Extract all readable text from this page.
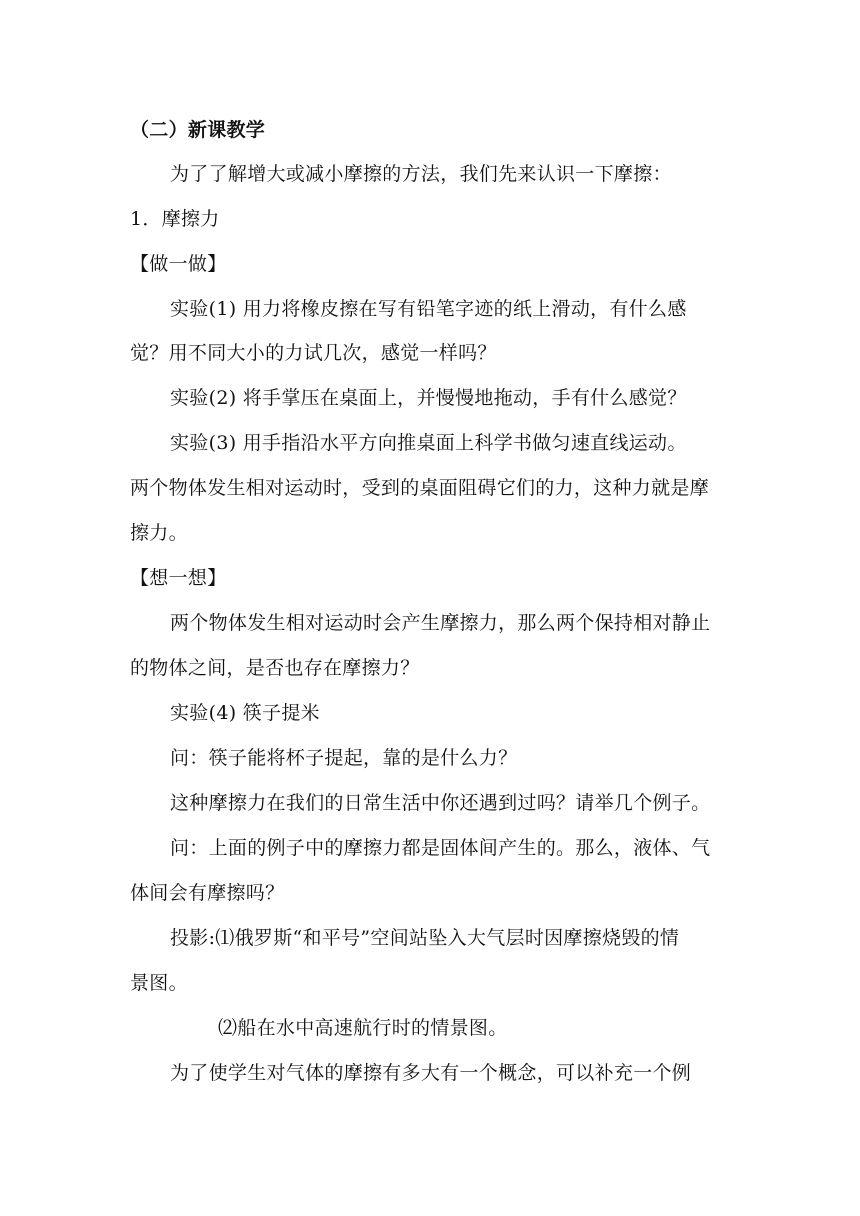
（二）新课教学
为了了解增大或减小摩擦的方法，我们先来认识一下摩擦：
1．摩擦力
【做一做】
实验(1) 用力将橡皮擦在写有铅笔字迹的纸上滑动，有什么感
觉？用不同大小的力试几次，感觉一样吗？
实验(2) 将手掌压在桌面上，并慢慢地拖动，手有什么感觉？
实验(3) 用手指沿水平方向推桌面上科学书做匀速直线运动。
两个物体发生相对运动时，受到的桌面阻碍它们的力，这种力就是摩
擦力。
【想一想】
两个物体发生相对运动时会产生摩擦力，那么两个保持相对静止
的物体之间，是否也存在摩擦力？
实验(4) 筷子提米
问：筷子能将杯子提起，靠的是什么力？
这种摩擦力在我们的日常生活中你还遇到过吗？请举几个例子。
问：上面的例子中的摩擦力都是固体间产生的。那么，液体、气
体间会有摩擦吗？
投影:⑴俄罗斯“和平号”空间站坠入大气层时因摩擦烧毁的情
景图。
⑵船在水中高速航行时的情景图。
为了使学生对气体的摩擦有多大有一个概念，可以补充一个例
